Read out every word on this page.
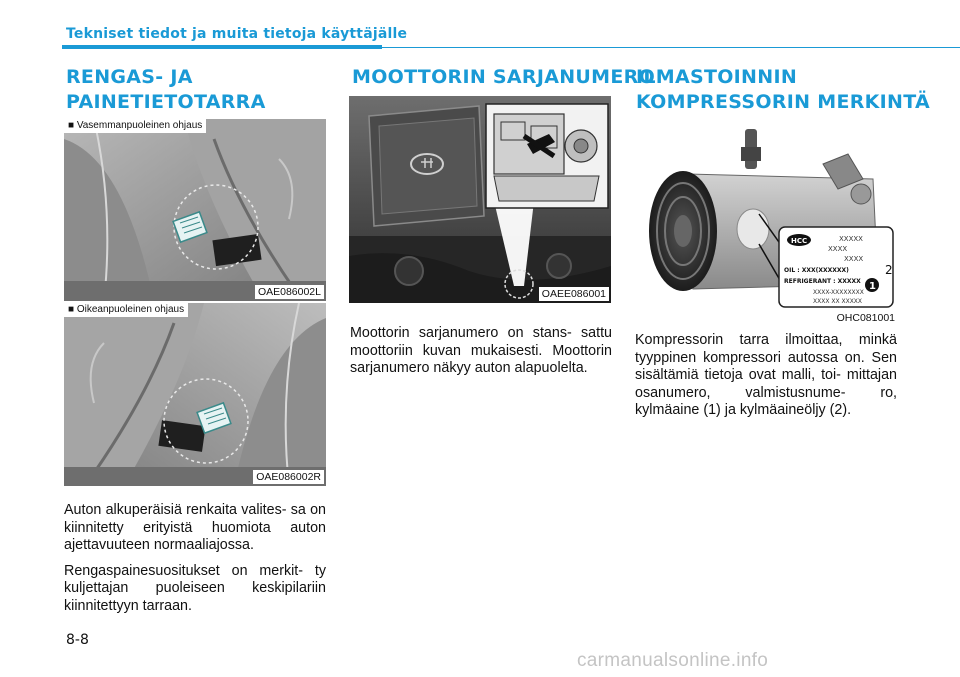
Tekniset tiedot ja muita tietoja käyttäjälle
RENGAS- JA
PAINETIETOTARRA
■ Vasemmanpuoleinen ohjaus
OAE086002L
■ Oikeanpuoleinen ohjaus
OAE086002R

Auton alkuperäisiä renkaita valites- sa on kiinnitetty erityistä huomiota auton ajettavuuteen normaaliajossa.

Rengaspainesuositukset on merkit- ty kuljettajan puoleiseen keskipilariin kiinnitettyyn tarraan.

MOOTTORIN SARJANUMERO
OAEE086001

Moottorin sarjanumero on stans- sattu moottoriin kuvan mukaisesti. Moottorin sarjanumero näkyy auton alapuolelta.

ILMASTOINNIN
KOMPRESSORIN MERKINTÄ
HCC	XXXXX
XXXX
XXXX
OIL : XXX(XXXXXX)
REFRIGERANT : XXXXX
XXXX-XXXXXXXX
XXXX XX XXXXX
2
1
OHC081001

Kompressorin tarra ilmoittaa, minkä tyyppinen kompressori autossa on. Sen sisältämiä tietoja ovat malli, toi- mittajan osanumero, valmistusnume- ro, kylmäaine (1) ja kylmäaineöljy (2).

8-8
carmanualsonline.info
